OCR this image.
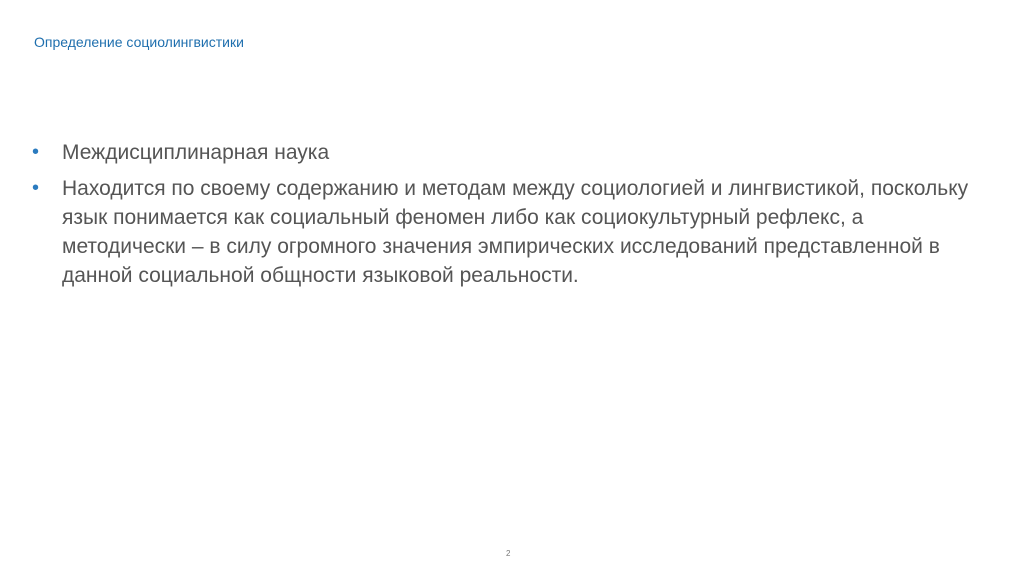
Определение социолингвистики
•	Междисциплинарная наука
•	Находится по своему содержанию и методам между социологией и лингвистикой, поскольку язык понимается как социальный феномен либо как социокультурный рефлекс, а методически – в силу огромного значения эмпирических исследований представленной в данной социальной общности языковой реальности.
2
